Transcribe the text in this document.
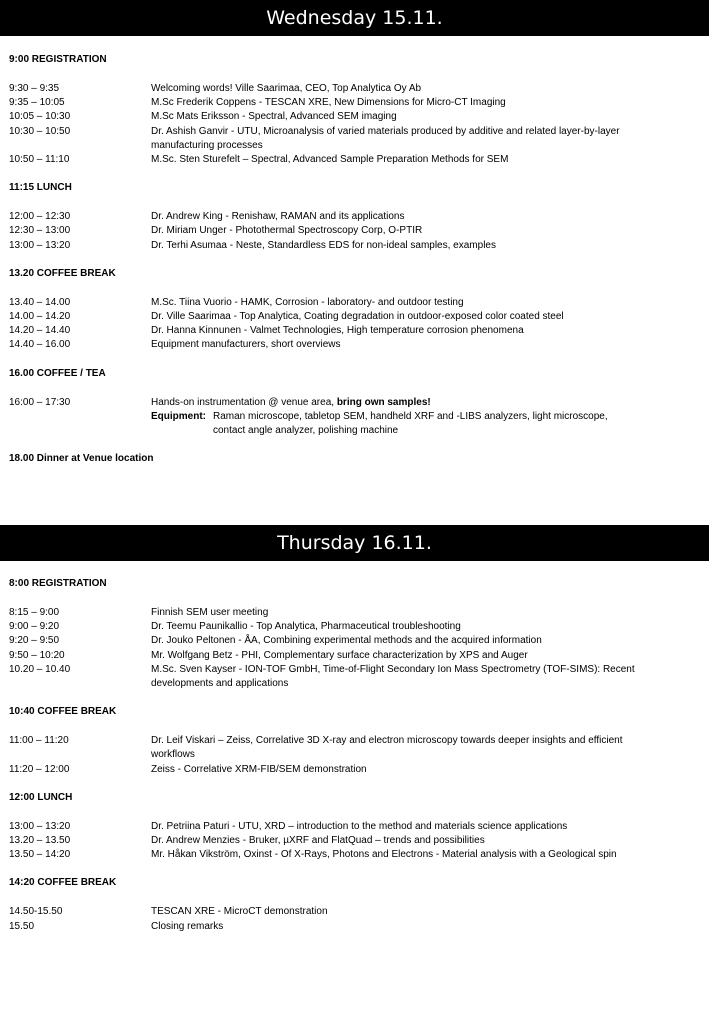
Wednesday 15.11.
9:00 REGISTRATION
9:30 – 9:35	Welcoming words! Ville Saarimaa, CEO, Top Analytica Oy Ab
9:35 – 10:05	M.Sc Frederik Coppens - TESCAN XRE, New Dimensions for Micro-CT Imaging
10:05 – 10:30	M.Sc Mats Eriksson - Spectral, Advanced SEM imaging
10:30 – 10:50	Dr. Ashish Ganvir - UTU, Microanalysis of varied materials produced by additive and related layer-by-layer manufacturing processes
10:50 – 11:10	M.Sc. Sten Sturefelt – Spectral, Advanced Sample Preparation Methods for SEM
11:15 LUNCH
12:00 – 12:30	Dr. Andrew King - Renishaw, RAMAN and its applications
12:30 – 13:00	Dr. Miriam Unger - Photothermal Spectroscopy Corp, O-PTIR
13:00 – 13:20	Dr. Terhi Asumaa - Neste, Standardless EDS for non-ideal samples, examples
13.20 COFFEE BREAK
13.40 – 14.00	M.Sc. Tiina Vuorio - HAMK, Corrosion - laboratory- and outdoor testing
14.00 – 14.20	Dr. Ville Saarimaa - Top Analytica, Coating degradation in outdoor-exposed color coated steel
14.20 – 14.40	Dr. Hanna Kinnunen - Valmet Technologies, High temperature corrosion phenomena
14.40 – 16.00	Equipment manufacturers, short overviews
16.00 COFFEE / TEA
16:00 – 17:30	Hands-on instrumentation @ venue area, bring own samples!
Equipment: Raman microscope, tabletop SEM, handheld XRF and -LIBS analyzers, light microscope, contact angle analyzer, polishing machine
18.00 Dinner at Venue location
Thursday 16.11.
8:00 REGISTRATION
8:15 – 9:00	Finnish SEM user meeting
9:00 – 9:20	Dr. Teemu Paunikallio - Top Analytica, Pharmaceutical troubleshooting
9:20 – 9:50	Dr. Jouko Peltonen - ÅA, Combining experimental methods and the acquired information
9:50 – 10:20	Mr. Wolfgang Betz - PHI, Complementary surface characterization by XPS and Auger
10.20 – 10.40	M.Sc. Sven Kayser - ION-TOF GmbH, Time-of-Flight Secondary Ion Mass Spectrometry (TOF-SIMS): Recent developments and applications
10:40 COFFEE BREAK
11:00 – 11:20	Dr. Leif Viskari – Zeiss, Correlative 3D X-ray and electron microscopy towards deeper insights and efficient workflows
11:20 – 12:00	Zeiss - Correlative XRM-FIB/SEM demonstration
12:00 LUNCH
13:00 – 13:20	Dr. Petriina Paturi - UTU, XRD – introduction to the method and materials science applications
13.20 – 13.50	Dr. Andrew Menzies - Bruker, µXRF and FlatQuad – trends and possibilities
13.50 – 14:20	Mr. Håkan Vikström, Oxinst - Of X-Rays, Photons and Electrons - Material analysis with a Geological spin
14:20 COFFEE BREAK
14.50-15.50	TESCAN XRE - MicroCT demonstration
15.50	Closing remarks
